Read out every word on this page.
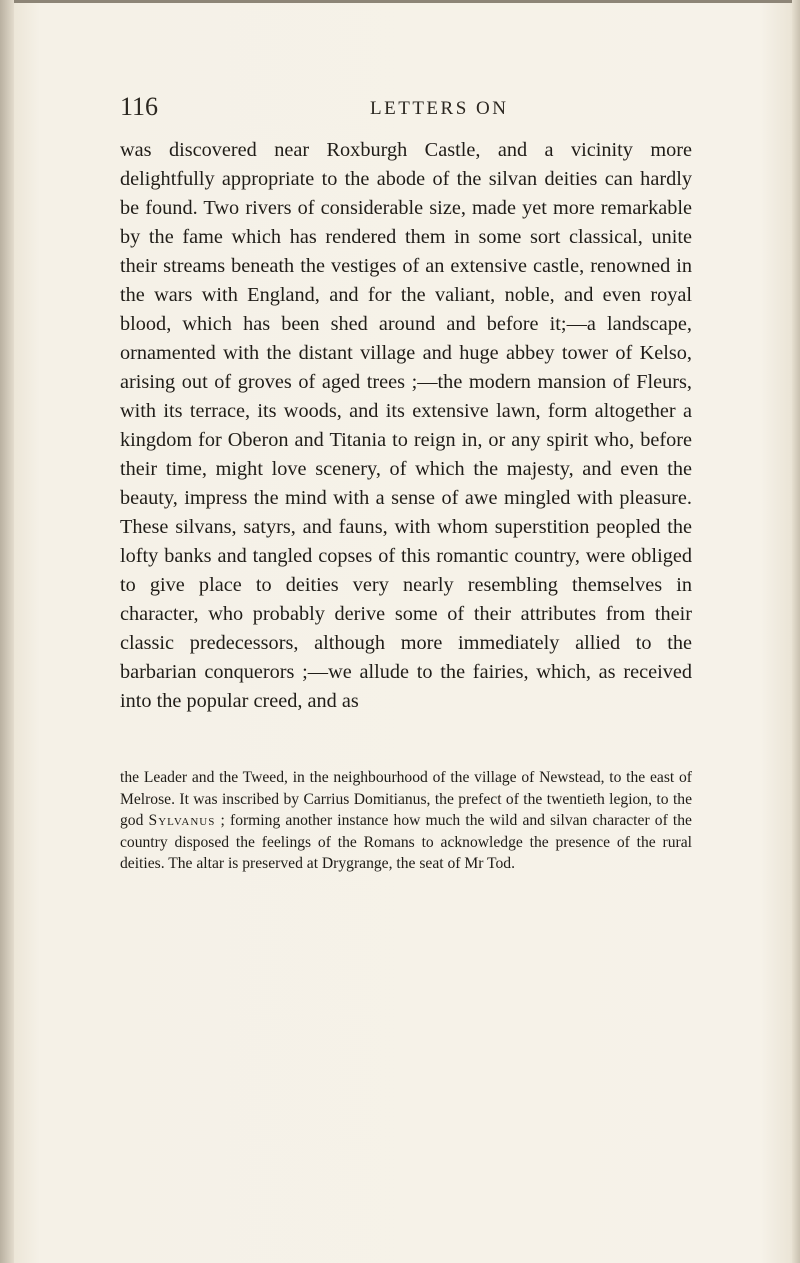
116	LETTERS ON
was discovered near Roxburgh Castle, and a vicinity more delightfully appropriate to the abode of the silvan deities can hardly be found. Two rivers of considerable size, made yet more remarkable by the fame which has rendered them in some sort classical, unite their streams beneath the vestiges of an extensive castle, renowned in the wars with England, and for the valiant, noble, and even royal blood, which has been shed around and before it;—a landscape, ornamented with the distant village and huge abbey tower of Kelso, arising out of groves of aged trees ;—the modern mansion of Fleurs, with its terrace, its woods, and its extensive lawn, form altogether a kingdom for Oberon and Titania to reign in, or any spirit who, before their time, might love scenery, of which the majesty, and even the beauty, impress the mind with a sense of awe mingled with pleasure. These silvans, satyrs, and fauns, with whom superstition peopled the lofty banks and tangled copses of this romantic country, were obliged to give place to deities very nearly resembling themselves in character, who probably derive some of their attributes from their classic predecessors, although more immediately allied to the barbarian conquerors ;—we allude to the fairies, which, as received into the popular creed, and as
the Leader and the Tweed, in the neighbourhood of the village of Newstead, to the east of Melrose. It was inscribed by Carrius Domitianus, the prefect of the twentieth legion, to the god Sylvanus ; forming another instance how much the wild and silvan character of the country disposed the feelings of the Romans to acknowledge the presence of the rural deities. The altar is preserved at Drygrange, the seat of Mr Tod.
